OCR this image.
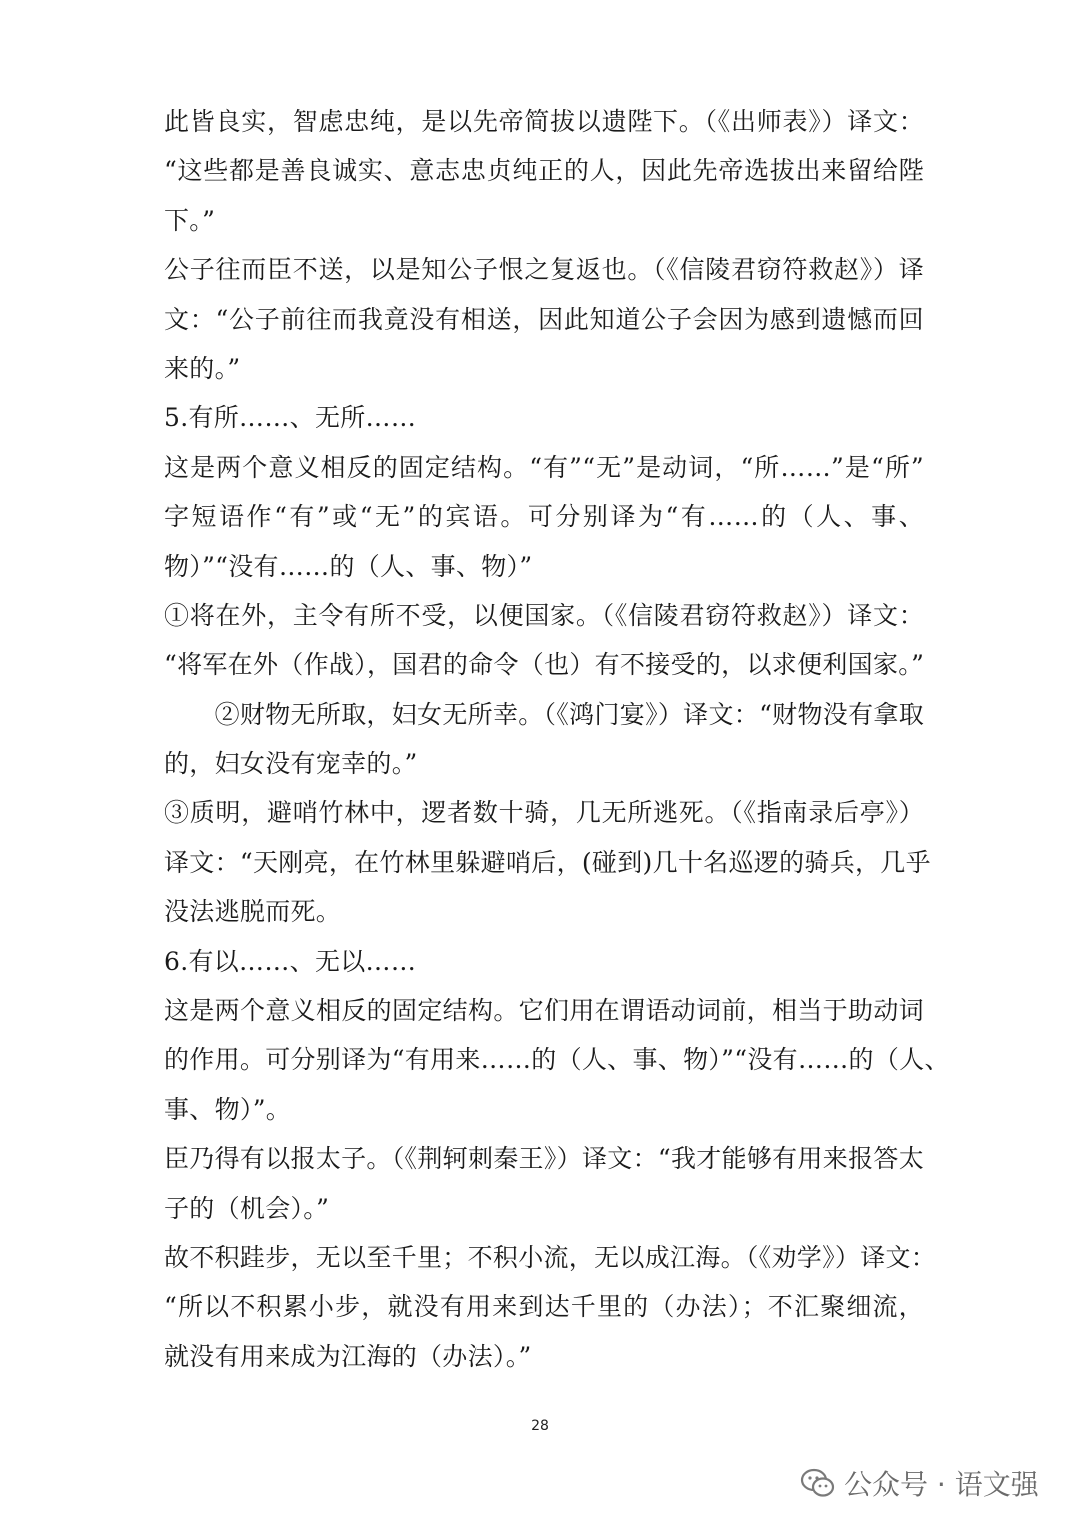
此皆良实，智虑忠纯，是以先帝简拔以遗陛下。（《出师表》）译文：
“这些都是善良诚实、意志忠贞纯正的人，因此先帝选拔出来留给陛
下。”
公子往而臣不送，以是知公子恨之复返也。（《信陵君窃符救赵》）译
文：“公子前往而我竟没有相送，因此知道公子会因为感到遗憾而回
来的。”
5.有所……、无所……
这是两个意义相反的固定结构。“有”“无”是动词，“所……”是“所”
字短语作“有”或“无”的宾语。可分别译为“有……的（人、事、
物）”“没有……的（人、事、物）”
①将在外，主令有所不受，以便国家。（《信陵君窃符救赵》）译文：
“将军在外（作战），国君的命令（也）有不接受的，以求便利国家。”
　　②财物无所取，妇女无所幸。（《鸿门宴》）译文：“财物没有拿取
的，妇女没有宠幸的。”
③质明，避哨竹林中，逻者数十骑，几无所逃死。（《指南录后亭》）
译文：“天刚亮，在竹林里躲避哨后，(碰到)几十名巡逻的骑兵，几乎
没法逃脱而死。
6.有以……、无以……
这是两个意义相反的固定结构。它们用在谓语动词前，相当于助动词
的作用。可分别译为“有用来……的（人、事、物）”“没有……的（人、
事、物）”。
臣乃得有以报太子。（《荆轲刺秦王》）译文：“我才能够有用来报答太
子的（机会）。”
故不积跬步，无以至千里；不积小流，无以成江海。（《劝学》）译文：
“所以不积累小步，就没有用来到达千里的（办法）；不汇聚细流，
就没有用来成为江海的（办法）。”
28
公众号 · 语文强
